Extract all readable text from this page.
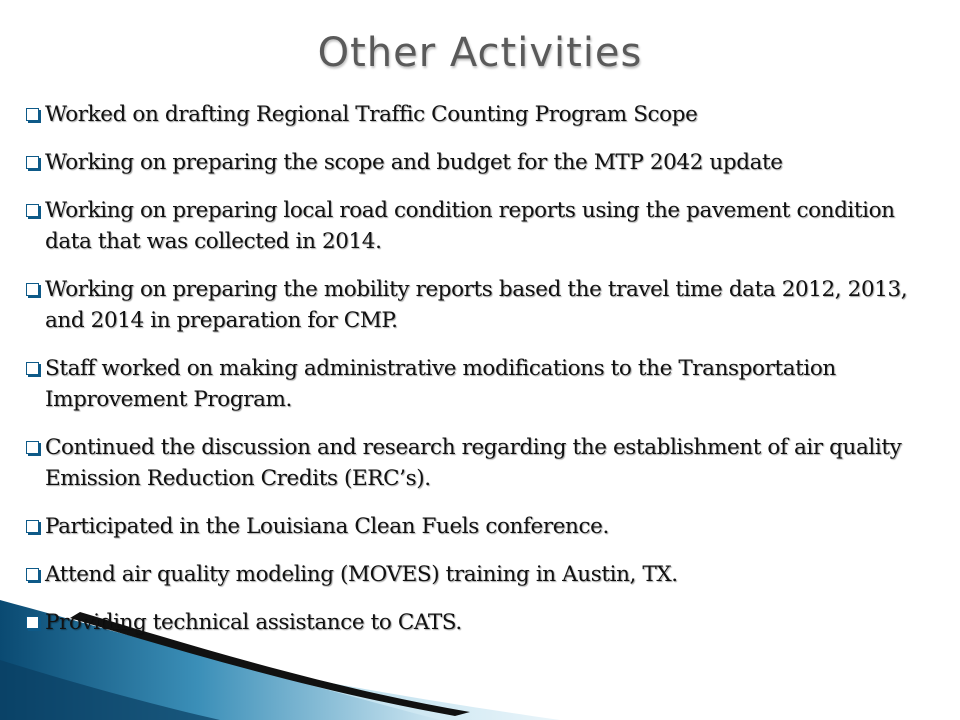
Other Activities
Worked on drafting Regional Traffic Counting Program Scope
Working on preparing the scope and budget for the MTP 2042 update
Working on preparing local road condition reports using the pavement condition data that was collected in 2014.
Working on preparing the mobility reports based the travel time data 2012, 2013, and 2014 in preparation for CMP.
Staff worked on making administrative modifications to the Transportation Improvement Program.
Continued the discussion and research regarding the establishment of air quality Emission Reduction Credits (ERC’s).
Participated in the Louisiana Clean Fuels conference.
Attend air quality modeling (MOVES) training in Austin, TX.
Providing technical assistance to CATS.
